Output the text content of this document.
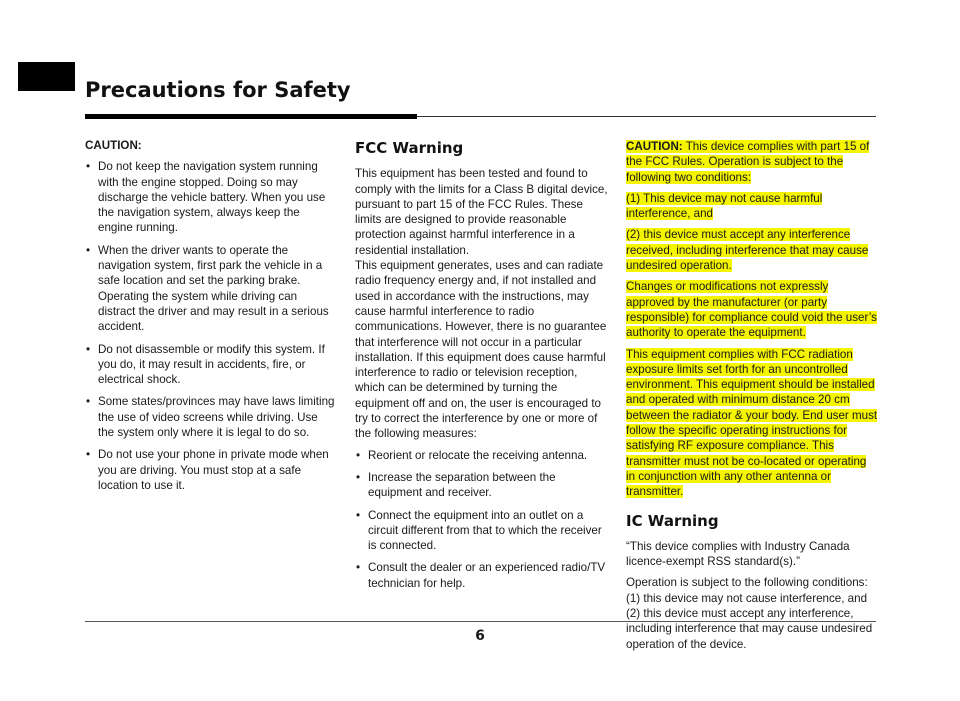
Precautions for Safety

CAUTION:

• Do not keep the navigation system running with the engine stopped. Doing so may discharge the vehicle battery. When you use the navigation system, always keep the engine running.
• When the driver wants to operate the navigation system, first park the vehicle in a safe location and set the parking brake. Operating the system while driving can distract the driver and may result in a serious accident.
• Do not disassemble or modify this system. If you do, it may result in accidents, fire, or electrical shock.
• Some states/provinces may have laws limiting the use of video screens while driving. Use the system only where it is legal to do so.
• Do not use your phone in private mode when you are driving. You must stop at a safe location to use it.
FCC Warning

This equipment has been tested and found to comply with the limits for a Class B digital device, pursuant to part 15 of the FCC Rules. These limits are designed to provide reasonable protection against harmful interference in a residential installation.

This equipment generates, uses and can radiate radio frequency energy and, if not installed and used in accordance with the instructions, may cause harmful interference to radio communications. However, there is no guarantee that interference will not occur in a particular installation. If this equipment does cause harmful interference to radio or television reception, which can be determined by turning the equipment off and on, the user is encouraged to try to correct the interference by one or more of the following measures:

• Reorient or relocate the receiving antenna.
• Increase the separation between the equipment and receiver.
• Connect the equipment into an outlet on a circuit different from that to which the receiver is connected.
• Consult the dealer or an experienced radio/TV technician for help.

CAUTION: This device complies with part 15 of the FCC Rules. Operation is subject to the following two conditions:

(1) This device may not cause harmful interference, and

(2) this device must accept any interference received, including interference that may cause undesired operation.

Changes or modifications not expressly approved by the manufacturer (or party responsible) for compliance could void the user’s authority to operate the equipment.

This equipment complies with FCC radiation exposure limits set forth for an uncontrolled environment. This equipment should be installed and operated with minimum distance 20 cm between the radiator & your body. End user must follow the specific operating instructions for satisfying RF exposure compliance. This transmitter must not be co-located or operating in conjunction with any other antenna or transmitter.

IC Warning

“This device complies with Industry Canada licence-exempt RSS standard(s).”

Operation is subject to the following conditions: (1) this device may not cause interference, and (2) this device must accept any interference, including interference that may cause undesired operation of the device.

6
